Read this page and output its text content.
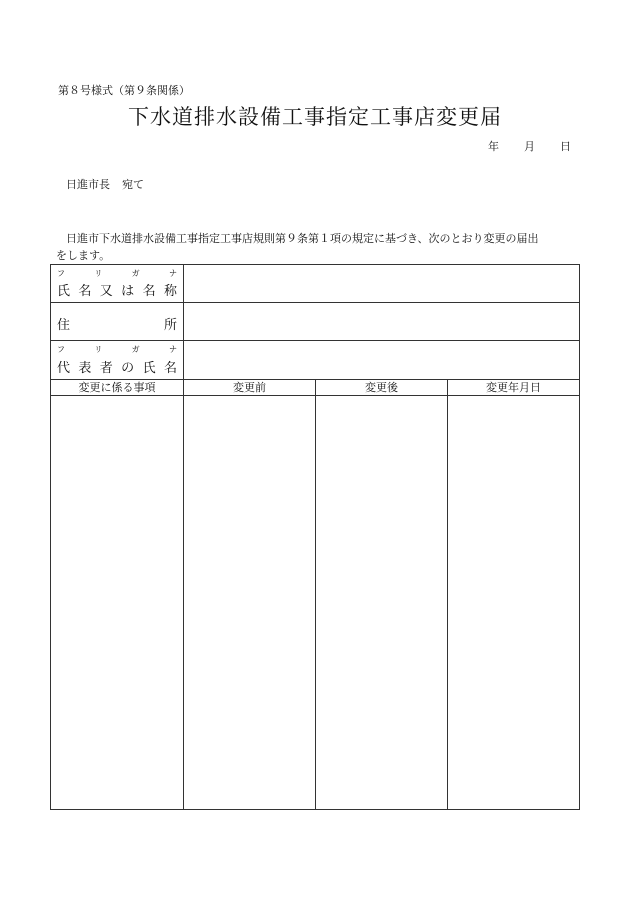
第８号様式（第９条関係）
下水道排水設備工事指定工事店変更届
年 月 日
日進市長 宛て
日進市下水道排水設備工事指定工事店規則第９条第１項の規定に基づき、次のとおり変更の届出
をします。
フ	リ	ガ	ナ
氏 名 又 は 名 称
住	所
フ	リ	ガ	ナ
代 表 者 の 氏 名
変更に係る事項	変更前	変更後	変更年月日
